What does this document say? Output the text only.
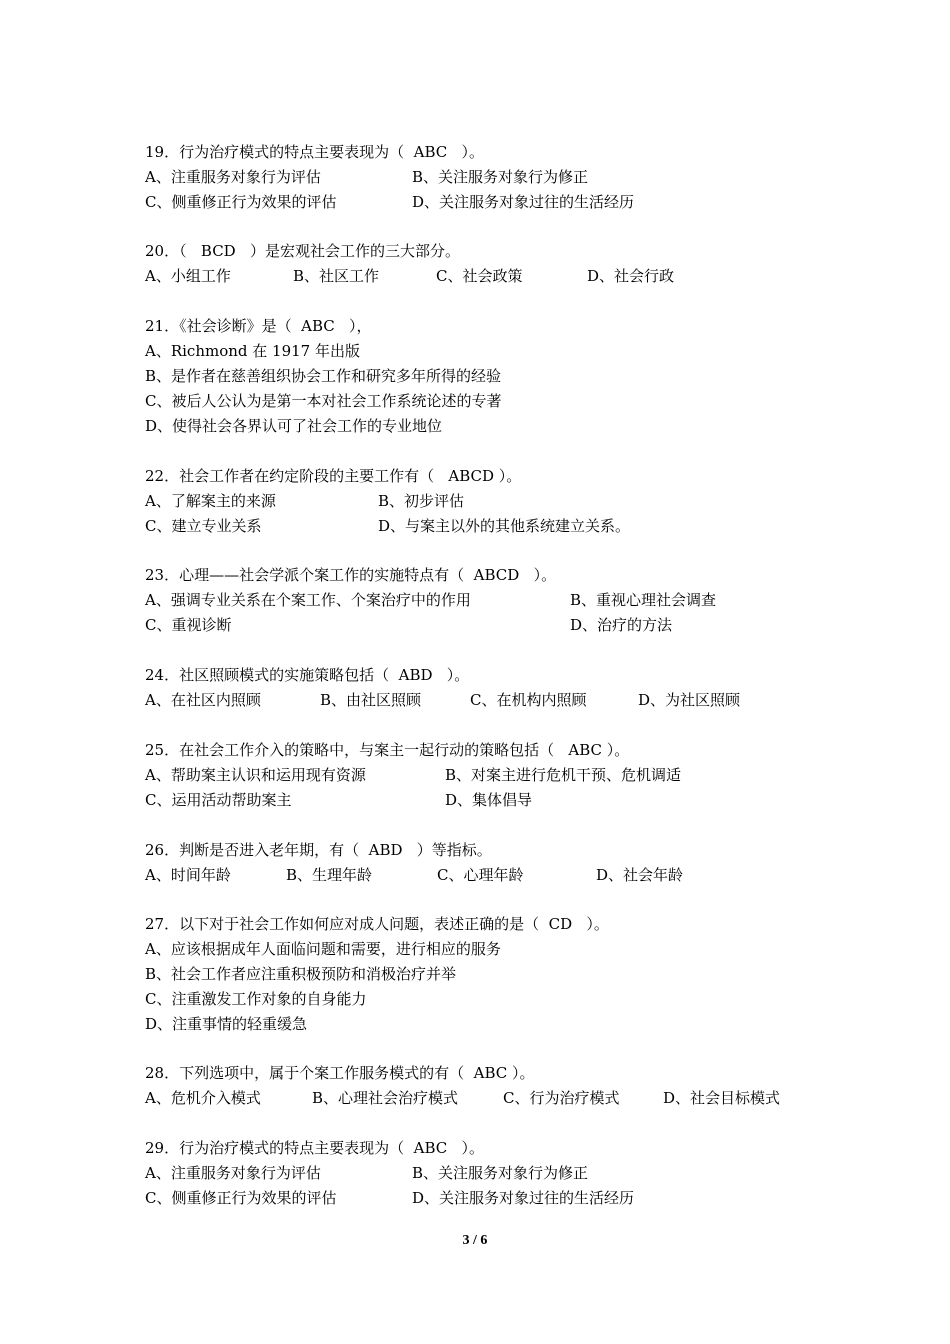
19．行为治疗模式的特点主要表现为（  ABC   ）。

A、注重服务对象行为评估

	B、关注服务对象行为修正

C、侧重修正行为效果的评估

	D、关注服务对象过往的生活经历

20．（   BCD   ）是宏观社会工作的三大部分。

A、小组工作

	B、社区工作

	C、社会政策

	D、社会行政

21．《社会诊断》是（  ABC   ），
A、Richmond 在 1917 年出版
B、是作者在慈善组织协会工作和研究多年所得的经验
C、被后人公认为是第一本对社会工作系统论述的专著
D、使得社会各界认可了社会工作的专业地位
22．社会工作者在约定阶段的主要工作有（   ABCD ）。

A、了解案主的来源

	B、初步评估

C、建立专业关系

	D、与案主以外的其他系统建立关系。

23．心理——社会学派个案工作的实施特点有（  ABCD   ）。

A、强调专业关系在个案工作、个案治疗中的作用

	B、重视心理社会调查

C、重视诊断

	D、治疗的方法

24．社区照顾模式的实施策略包括（  ABD   ）。

A、在社区内照顾

	B、由社区照顾

	C、在机构内照顾

	D、为社区照顾

25．在社会工作介入的策略中，与案主一起行动的策略包括（   ABC ）。

A、帮助案主认识和运用现有资源

	B、对案主进行危机干预、危机调适

C、运用活动帮助案主

	D、集体倡导

26．判断是否进入老年期，有（  ABD   ）等指标。

A、时间年龄

	B、生理年龄

	C、心理年龄

	D、社会年龄

27．以下对于社会工作如何应对成人问题，表述正确的是（  CD   ）。
A、应该根据成年人面临问题和需要，进行相应的服务
B、社会工作者应注重积极预防和消极治疗并举
C、注重激发工作对象的自身能力
D、注重事情的轻重缓急
28．下列选项中，属于个案工作服务模式的有（  ABC ）。

A、危机介入模式

	B、心理社会治疗模式

	C、行为治疗模式

	D、社会目标模式

29．行为治疗模式的特点主要表现为（  ABC   ）。

A、注重服务对象行为评估

	B、关注服务对象行为修正

C、侧重修正行为效果的评估

	D、关注服务对象过往的生活经历

3 / 6
